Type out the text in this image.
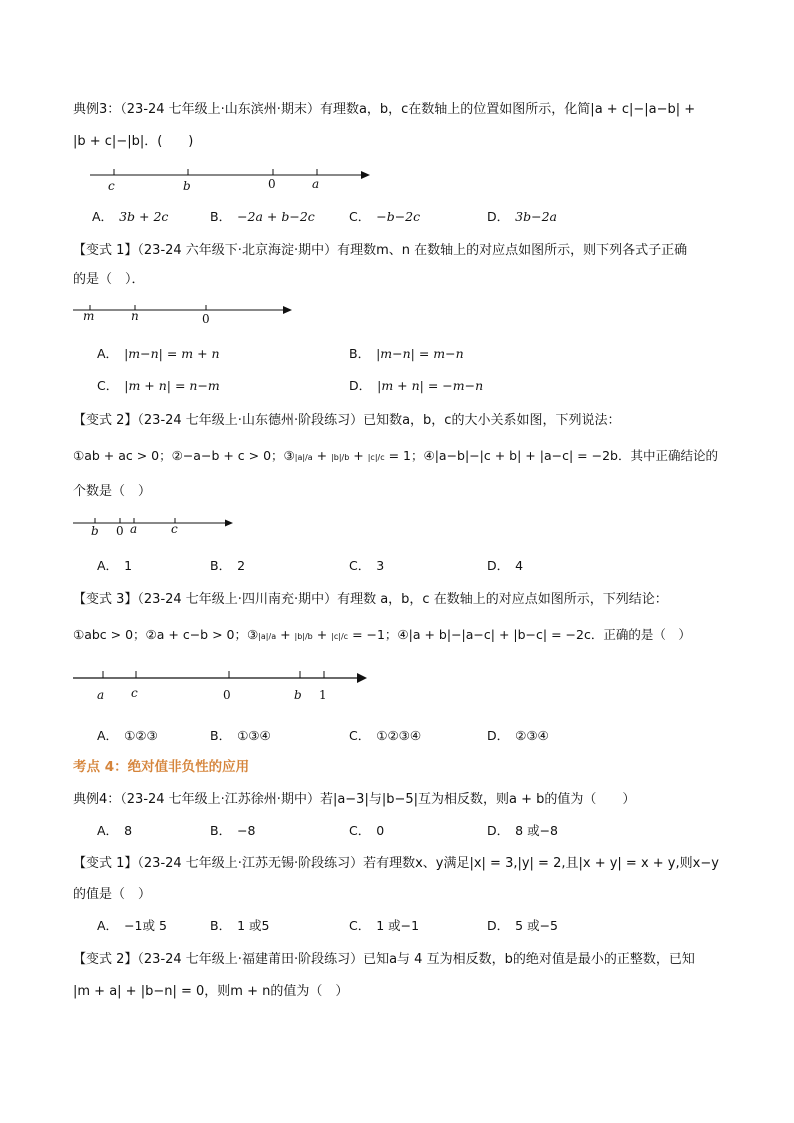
典例3：（23-24 七年级上·山东滨州·期末）有理数a，b，c在数轴上的位置如图所示，化简|a + c|−|a−b| +
|b + c|−|b|．(　　)
c	b	0	a
m	n	0
b 0 a	c
a c	0	b 1
A． 3b + 2c	B． −2a + b−2c	C． −b−2c	D． 3b−2a
【变式 1】（23-24 六年级下·北京海淀·期中）有理数m、n 在数轴上的对应点如图所示，则下列各式子正确
的是（　）．
A． |m−n| = m + n	B． |m−n| = m−n
C． |m + n| = n−m	D． |m + n| = −m−n
【变式 2】（23-24 七年级上·山东德州·阶段练习）已知数a，b，c的大小关系如图，下列说法：
①ab + ac > 0；②−a−b + c > 0；③|a|/a + |b|/b + |c|/c = 1；④|a−b|−|c + b| + |a−c| = −2b．其中正确结论的
个数是（　）
A． 1	B． 2	C． 3	D． 4
【变式 3】（23-24 七年级上·四川南充·期中）有理数 a，b，c 在数轴上的对应点如图所示，下列结论：
①abc > 0；②a + c−b > 0；③|a|/a + |b|/b + |c|/c = −1；④|a + b|−|a−c| + |b−c| = −2c．正确的是（　）
A． ①②③	B． ①③④	C． ①②③④	D． ②③④
考点 4：绝对值非负性的应用
典例4：（23-24 七年级上·江苏徐州·期中）若|a−3|与|b−5|互为相反数，则a + b的值为（　　）
A． 8	B． −8	C． 0	D． 8 或−8
【变式 1】（23-24 七年级上·江苏无锡·阶段练习）若有理数x、y满足|x| = 3,|y| = 2,且|x + y| = x + y,则x−y
的值是（　）
A． −1或 5	B． 1 或5	C． 1 或−1	D． 5 或−5
【变式 2】（23-24 七年级上·福建莆田·阶段练习）已知a与 4 互为相反数，b的绝对值是最小的正整数，已知
|m + a| + |b−n| = 0，则m + n的值为（　）
